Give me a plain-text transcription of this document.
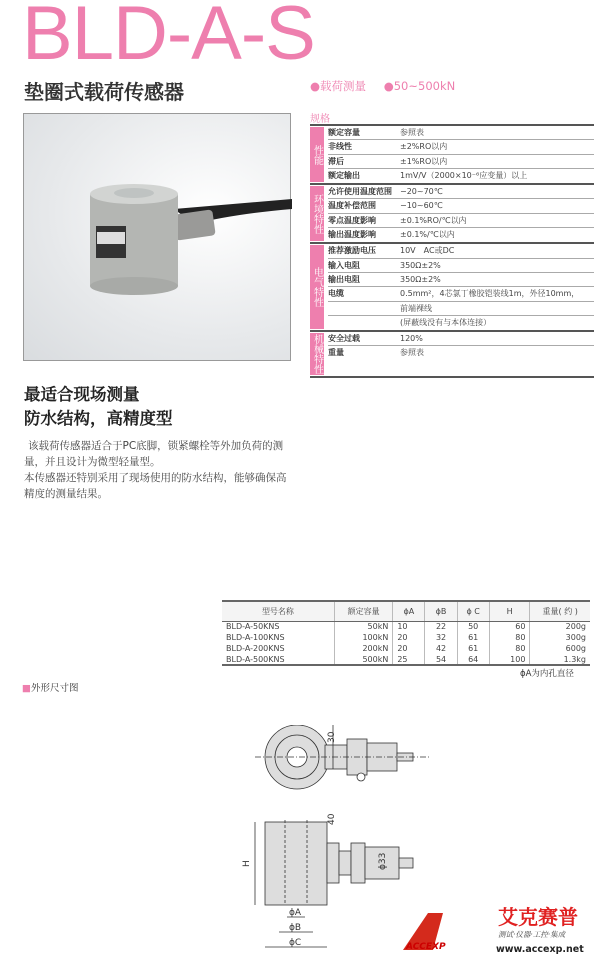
BLD-A-S
垫圈式载荷传感器	●载荷测量 ●50~500kN
规格
性能
额定容量	参照表
非线性	±2%RO以内
滞后	±1%RO以内
额定输出	1mV/V（2000×10⁻⁶应变量）以上
环境特性
允许使用温度范围	−20~70℃
温度补偿范围	−10~60℃
零点温度影响	±0.1%RO/℃以内
输出温度影响	±0.1%/℃以内
电气特性
推荐激励电压	10V　AC或DC
输入电阻	350Ω±2%
输出电阻	350Ω±2%
电缆	0.5mm²，4芯氯丁橡胶铠装线1m，外径10mm，
前端裸线
(屏蔽线没有与本体连接）
机械特性 安全过载	120%
重量	参照表
最适合现场测量
防水结构，高精度型
该载荷传感器适合于PC底脚，锁紧螺栓等外加负荷的测量，并且设计为微型轻量型。
本传感器还特别采用了现场使用的防水结构，能够确保高精度的测量结果。
型号名称	额定容量	ϕA	ϕB	ϕ C	H	重量( 约 )
BLD-A-50KNS	50kN	10	22	50	60	200g
BLD-A-100KNS	100kN	20	32	61	80	300g
BLD-A-200KNS	200kN	20	42	61	80	600g
BLD-A-500KNS	500kN	25	54	64	100	1.3kg
ϕA为内孔直径
■外形尺寸图
30
40
H	ϕ33
ϕA
ϕB
ϕC	ACCEXP
艾克赛普
测试·仪器·工控·集成
www.accexp.net
